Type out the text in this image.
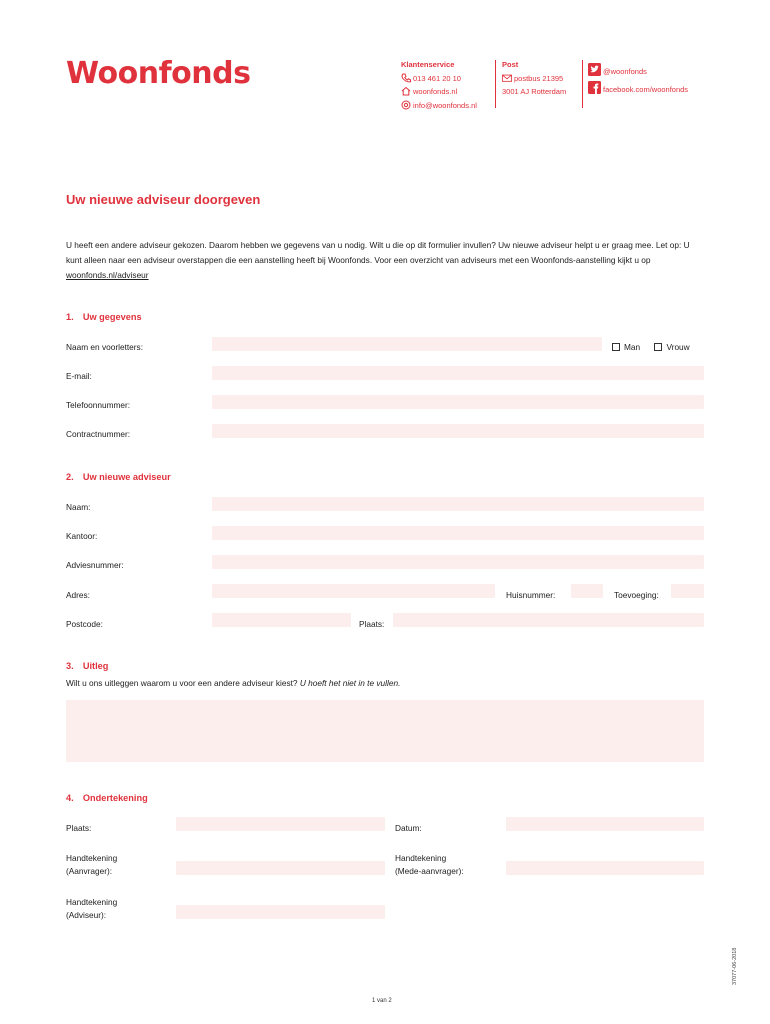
Woonfonds	Klantenservice
013 461 20 10
woonfonds.nl
info@woonfonds.nl
Post
postbus 21395
3001 AJ Rotterdam
@woonfonds
facebook.com/woonfonds
Uw nieuwe adviseur doorgeven
U heeft een andere adviseur gekozen. Daarom hebben we gegevens van u nodig. Wilt u die op dit formulier invullen? Uw nieuwe adviseur helpt u er graag mee. Let op: U kunt alleen naar een adviseur overstappen die een aanstelling heeft bij Woonfonds. Voor een overzicht van adviseurs met een Woonfonds-aanstelling kijkt u op woonfonds.nl/adviseur
1. Uw gegevens
Naam en voorletters:	Man	Vrouw
E-mail:
Telefoonnummer:
Contractnummer:
2. Uw nieuwe adviseur
Naam:
Kantoor:
Adviesnummer:
Adres:	Huisnummer:	Toevoeging:
Postcode:	Plaats:
3. Uitleg
Wilt u ons uitleggen waarom u voor een andere adviseur kiest? U hoeft het niet in te vullen.
4. Ondertekening
Plaats:	Datum:
Handtekening
(Aanvrager):
Handtekening
(Mede-aanvrager):
Handtekening
(Adviseur):
1 van 2
37077-06-2018
